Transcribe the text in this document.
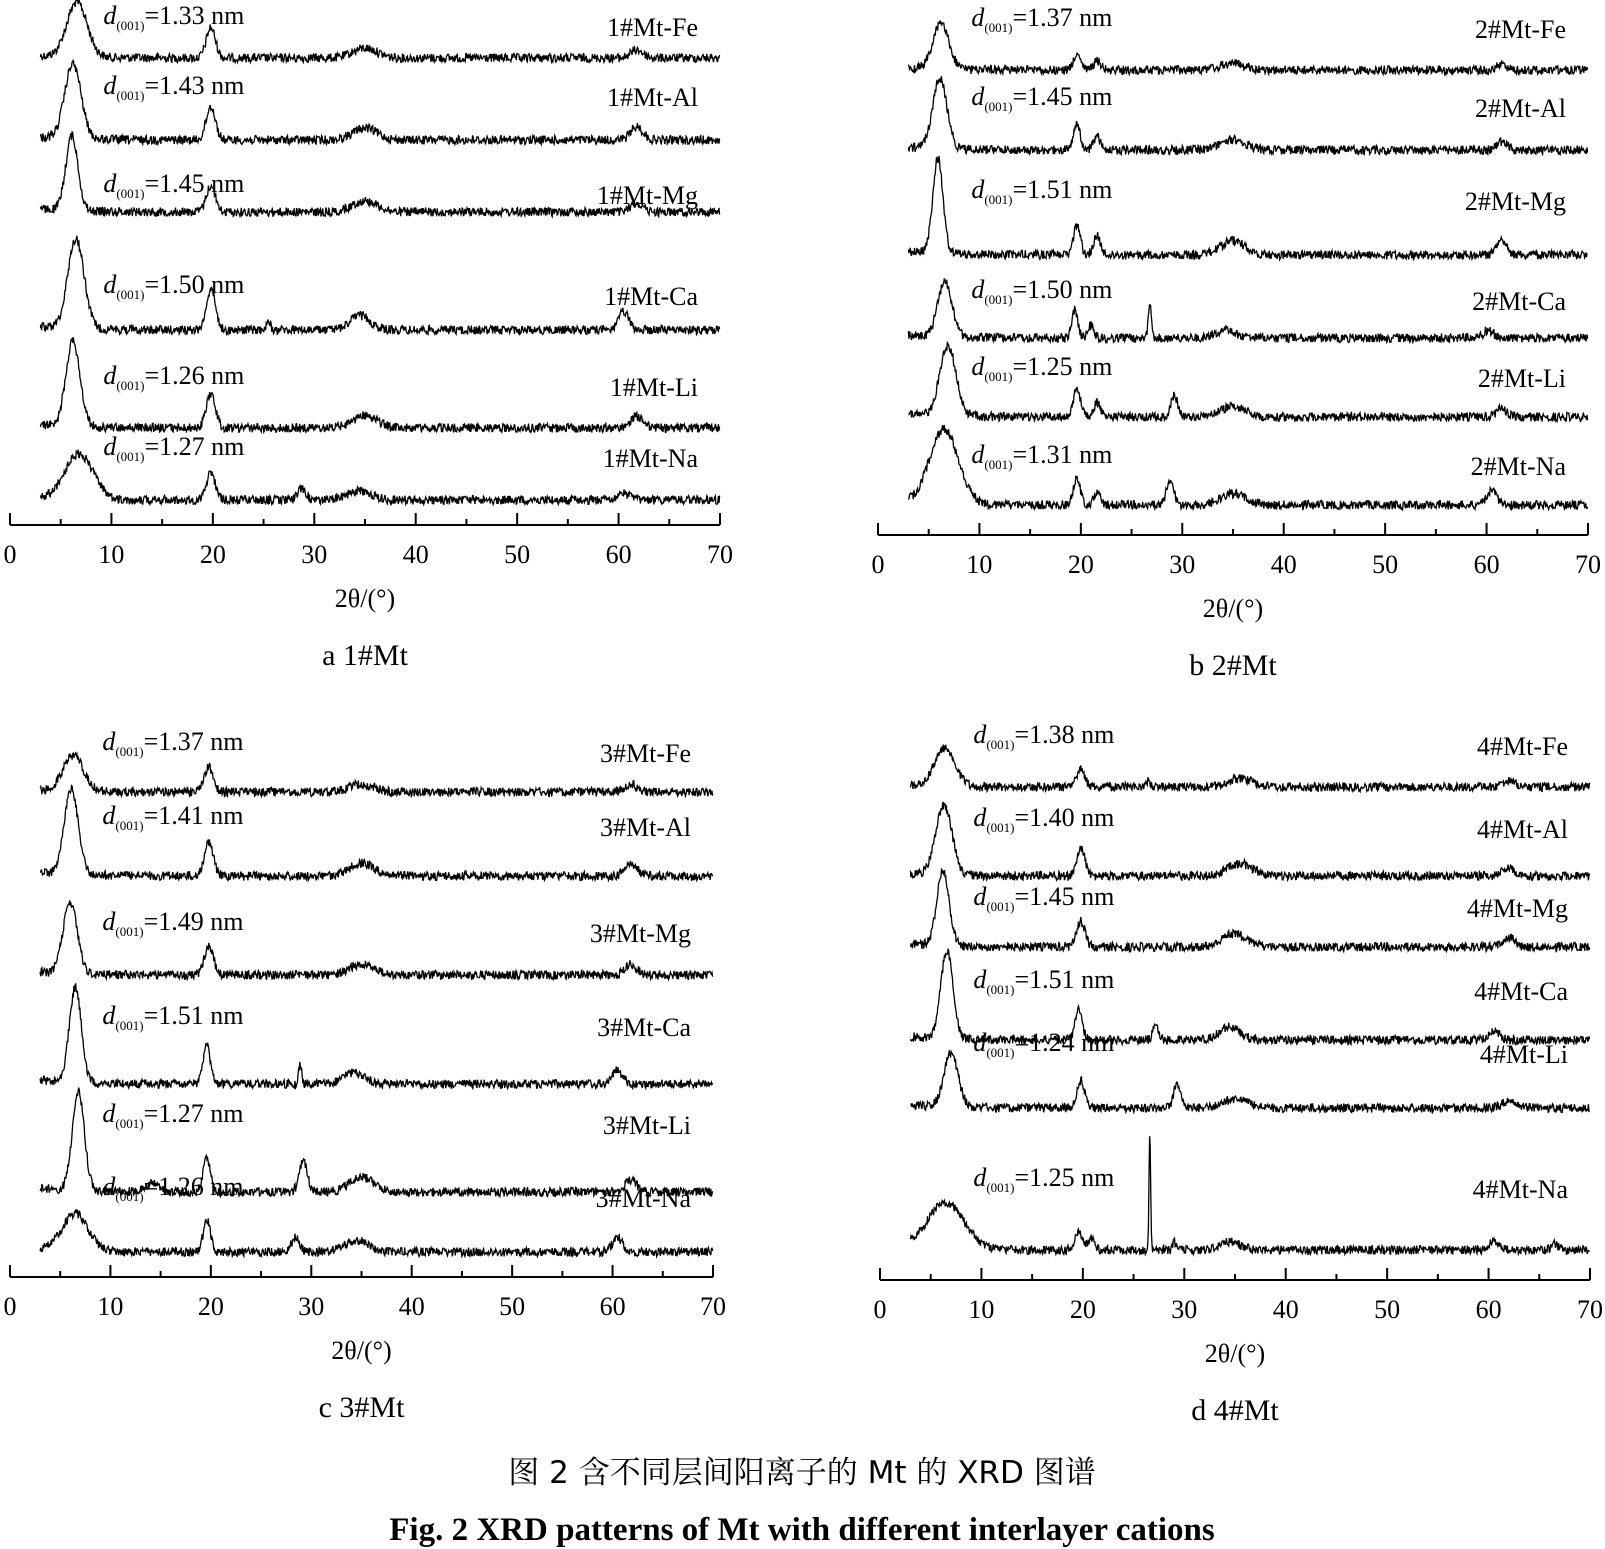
0	10	20	30	40	50	60	70
2θ/(°)
a 1#Mt
1#Mt-Fe
$d_{(001)}=1.33$ nm
1#Mt-Al
$d_{(001)}=1.43$ nm
1#Mt-Mg
$d_{(001)}=1.45$ nm
1#Mt-Ca
$d_{(001)}=1.50$ nm
1#Mt-Li
$d_{(001)}=1.26$ nm
1#Mt-Na
$d_{(001)}=1.27$ nm
0	10	20	30	40	50	60	70
2θ/(°)
b 2#Mt
2#Mt-Fe
$d_{(001)}=1.37$ nm
2#Mt-Al
$d_{(001)}=1.45$ nm
2#Mt-Mg
$d_{(001)}=1.51$ nm
2#Mt-Ca
$d_{(001)}=1.50$ nm
2#Mt-Li
$d_{(001)}=1.25$ nm
2#Mt-Na
$d_{(001)}=1.31$ nm
0	10	20	30	40	50	60	70
2θ/(°)
c 3#Mt
3#Mt-Fe
$d_{(001)}=1.37$ nm
3#Mt-Al
$d_{(001)}=1.41$ nm
3#Mt-Mg
$d_{(001)}=1.49$ nm
3#Mt-Ca
$d_{(001)}=1.51$ nm
3#Mt-Li
$d_{(001)}=1.27$ nm
3#Mt-Na
$d_{(001)}=1.26$ nm
0	10	20	30	40	50	60	70
2θ/(°)
d 4#Mt
4#Mt-Fe
$d_{(001)}=1.38$ nm
4#Mt-Al
$d_{(001)}=1.40$ nm
4#Mt-Mg
$d_{(001)}=1.45$ nm
4#Mt-Ca
$d_{(001)}=1.51$ nm
4#Mt-Li
$d_{(001)}=1.24$ nm
4#Mt-Na
$d_{(001)}=1.25$ nm
图 2 含不同层间阳离子的 Mt 的 XRD 图谱
Fig. 2 XRD patterns of Mt with different interlayer cations
